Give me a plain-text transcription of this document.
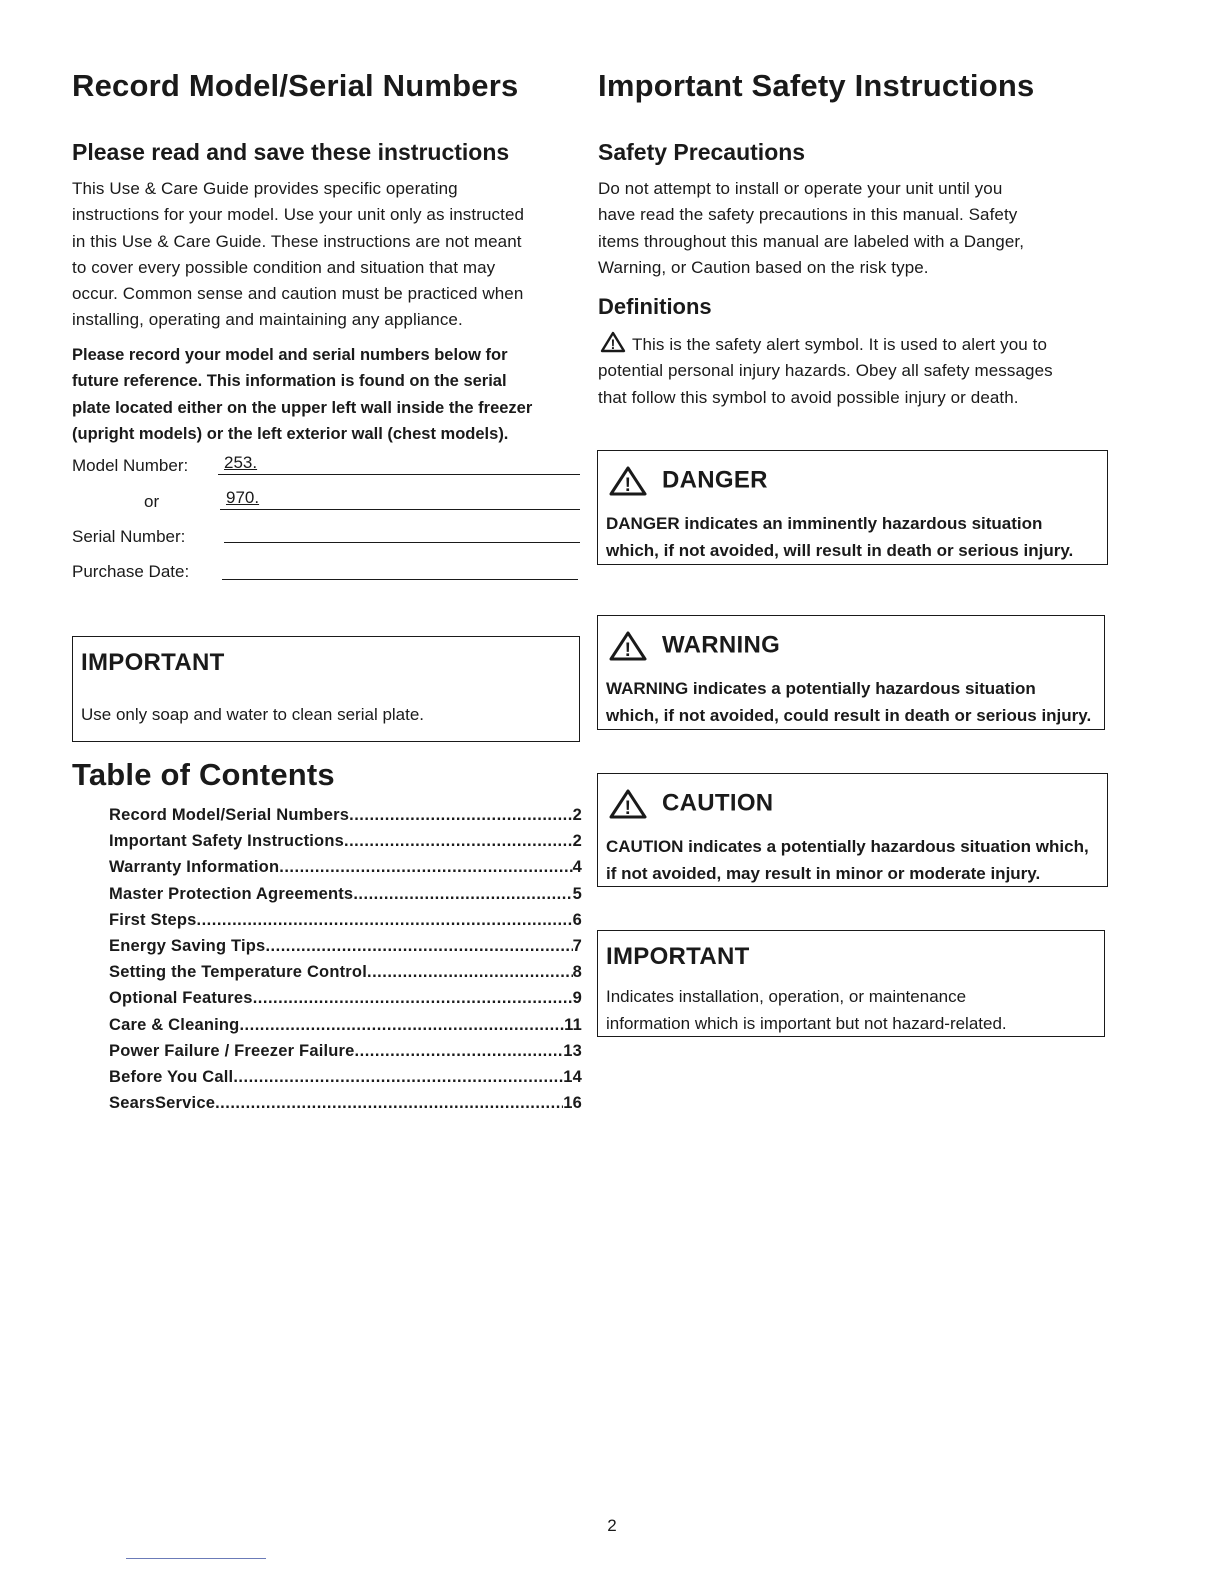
Record Model/Serial Numbers
Please read and save these instructions

This Use & Care Guide provides specific operating

instructions for your model. Use your unit only as instructed

in this Use & Care Guide. These instructions are not meant

to cover every possible condition and situation that may

occur. Common sense and caution must be practiced when

installing, operating and maintaining any appliance.

Please record your model and serial numbers below for

future reference. This information is found on the serial

plate located either on the upper left wall inside the freezer

(upright models) or the left exterior wall (chest models).

Model Number: 253.
or	970.
Serial Number:
Purchase Date:
IMPORTANT
Use only soap and water to clean serial plate.
Table of Contents
Record Model/Serial Numbers .....	2
Important Safety Instructions .....	2
Warranty Information .....	4
Master Protection Agreements .....	5
First Steps .....	6
Energy Saving Tips .....	7
Setting the Temperature Control .....	8
Optional Features .....	9
Care & Cleaning .....	11
Power Failure / Freezer Failure .....	13
Before You Call .....	14
SearsService .....	16
Important Safety Instructions
Safety Precautions

Do not attempt to install or operate your unit until you

have read the safety precautions in this manual. Safety

items throughout this manual are labeled with a Danger,

Warning, or Caution based on the risk type.

Definitions

! This is the safety alert symbol. It is used to alert you to

potential personal injury hazards. Obey all safety messages

that follow this symbol to avoid possible injury or death.

! DANGER
DANGER indicates an imminently hazardous situation
which, if not avoided, will result in death or serious injury.
! WARNING
WARNING indicates a potentially hazardous situation
which, if not avoided, could result in death or serious injury.
! CAUTION
CAUTION indicates a potentially hazardous situation which,
if not avoided, may result in minor or moderate injury.
IMPORTANT
Indicates installation, operation, or maintenance
information which is important but not hazard-related.
2
